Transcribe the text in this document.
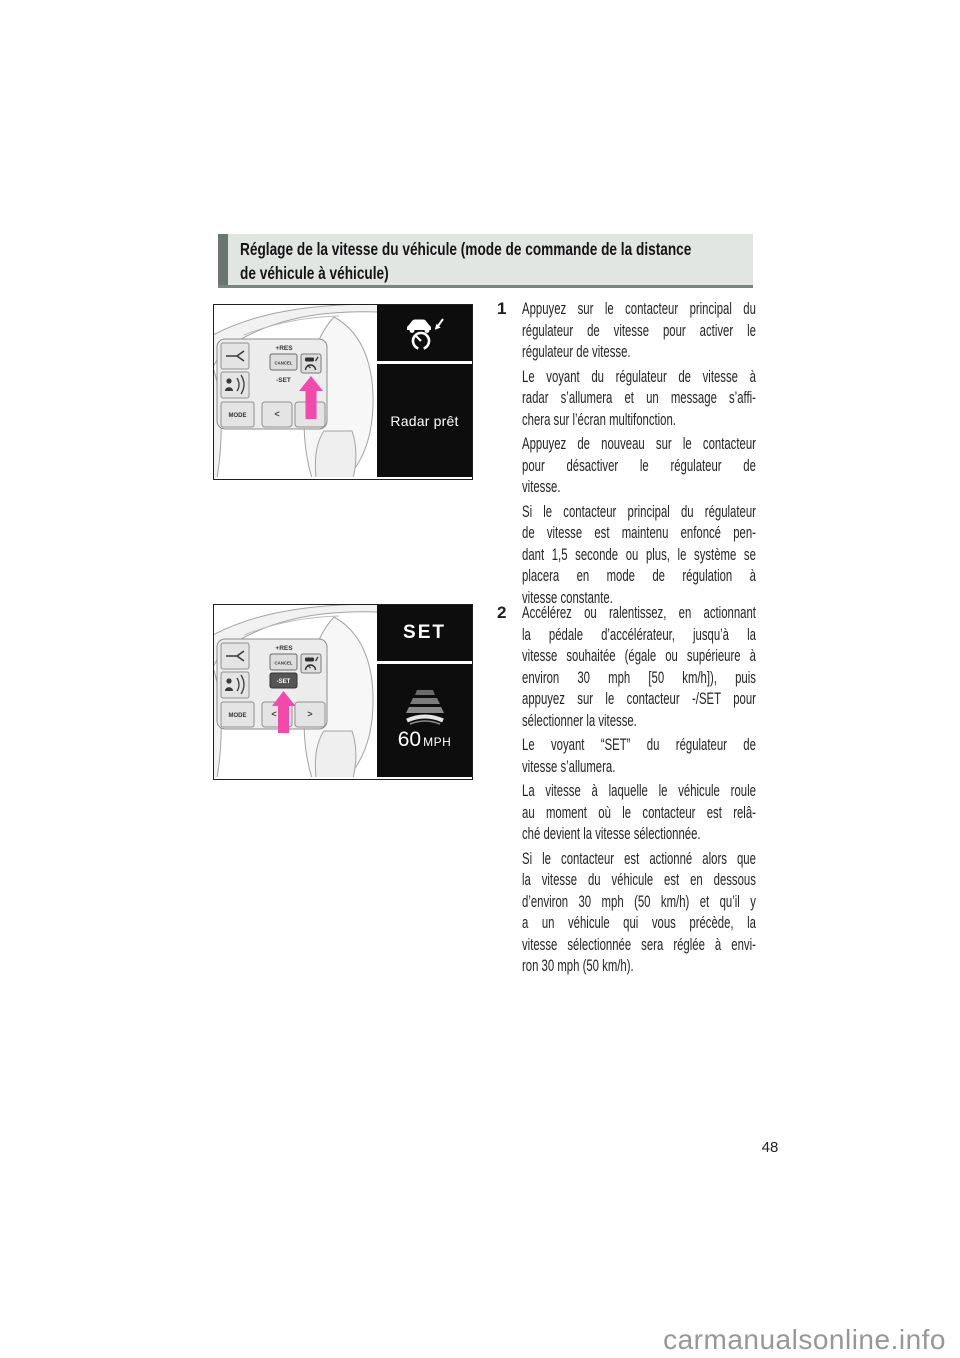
Réglage de la vitesse du véhicule (mode de commande de la distance
de véhicule à véhicule)
MODE
+RES
CANCEL
-SET
<	Radar prêt
MODE
+RES
CANCEL
-SET
<	>
SET
60 MPH
1 Appuyez sur le contacteur principal du
régulateur de vitesse pour activer le
régulateur de vitesse.
Le voyant du régulateur de vitesse à
radar s’allumera et un message s’affi-
chera sur l’écran multifonction.
Appuyez de nouveau sur le contacteur
pour désactiver le régulateur de
vitesse.
Si le contacteur principal du régulateur
de vitesse est maintenu enfoncé pen-
dant 1,5 seconde ou plus, le système se
placera en mode de régulation à
vitesse constante.
2 Accélérez ou ralentissez, en actionnant
la pédale d’accélérateur, jusqu’à la
vitesse souhaitée (égale ou supérieure à
environ 30 mph [50 km/h]), puis
appuyez sur le contacteur -/SET pour
sélectionner la vitesse.
Le voyant “SET” du régulateur de
vitesse s’allumera.
La vitesse à laquelle le véhicule roule
au moment où le contacteur est relâ-
ché devient la vitesse sélectionnée.
Si le contacteur est actionné alors que
la vitesse du véhicule est en dessous
d’environ 30 mph (50 km/h) et qu’il y
a un véhicule qui vous précède, la
vitesse sélectionnée sera réglée à envi-
ron 30 mph (50 km/h).
48
carmanualsonline.info
